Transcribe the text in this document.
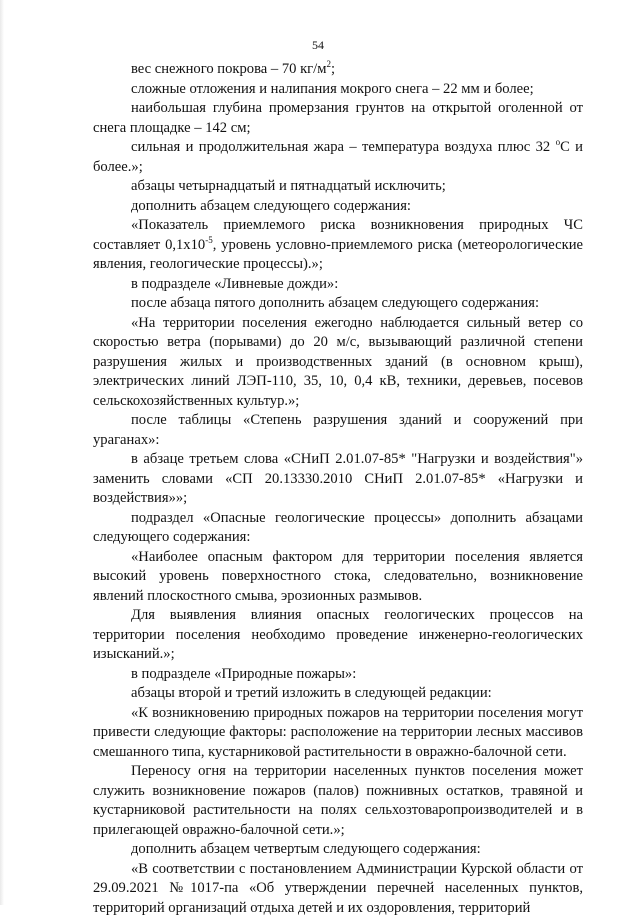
54

вес снежного покрова – 70 $кг/м^2$;

сложные отложения и налипания мокрого снега – 22 мм и более;

наибольшая глубина промерзания грунтов на открытой оголенной от снега площадке – 142 см;

сильная и продолжительная жара – температура воздуха плюс 32 $^о$С и более.»;

абзацы четырнадцатый и пятнадцатый исключить;

дополнить абзацем следующего содержания:

«Показатель приемлемого риска возникновения природных ЧС составляет $0,1х10^{-5}$, уровень условно-приемлемого риска (метеорологические явления, геологические процессы).»;

в подразделе «Ливневые дожди»:

после абзаца пятого дополнить абзацем следующего содержания:

«На территории поселения ежегодно наблюдается сильный ветер со скоростью ветра (порывами) до 20 м/с, вызывающий различной степени разрушения жилых и производственных зданий (в основном крыш), электрических линий ЛЭП-110, 35, 10, 0,4 кВ, техники, деревьев, посевов сельскохозяйственных культур.»;

после таблицы «Степень разрушения зданий и сооружений при ураганах»:

в абзаце третьем слова «СНиП 2.01.07-85* "Нагрузки и воздействия"» заменить словами «СП 20.13330.2010 СНиП 2.01.07-85* «Нагрузки и воздействия»»;

подраздел «Опасные геологические процессы» дополнить абзацами следующего содержания:

«Наиболее опасным фактором для территории поселения является высокий уровень поверхностного стока, следовательно, возникновение явлений плоскостного смыва, эрозионных размывов.

Для выявления влияния опасных геологических процессов на территории поселения необходимо проведение инженерно-геологических изысканий.»;

в подразделе «Природные пожары»:

абзацы второй и третий изложить в следующей редакции:

«К возникновению природных пожаров на территории поселения могут привести следующие факторы: расположение на территории лесных массивов смешанного типа, кустарниковой растительности в овражно-балочной сети.

Переносу огня на территории населенных пунктов поселения может служить возникновение пожаров (палов) пожнивных остатков, травяной и кустарниковой растительности на полях сельхозтоваропроизводителей и в прилегающей овражно-балочной сети.»;

дополнить абзацем четвертым следующего содержания:

«В соответствии с постановлением Администрации Курской области от 29.09.2021 №1017-па «Об утверждении перечней населенных пунктов, территорий организаций отдыха детей и их оздоровления, территорий
